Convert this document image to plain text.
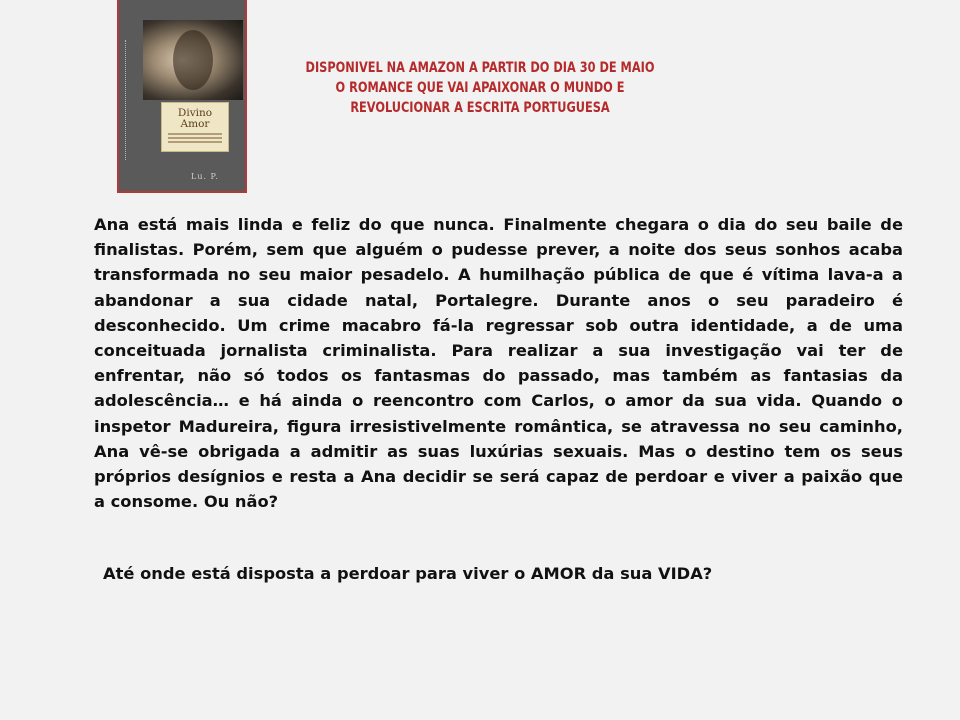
Divino Amor
Lu. P.
DISPONIVEL NA AMAZON A PARTIR DO DIA 30 DE MAIO
O ROMANCE QUE VAI APAIXONAR O MUNDO E
REVOLUCIONAR A ESCRITA PORTUGUESA

Ana está mais linda e feliz do que nunca. Finalmente chegara o dia do seu baile de finalistas. Porém, sem que alguém o pudesse prever, a noite dos seus sonhos acaba transformada no seu maior pesadelo. A humilhação pública de que é vítima lava-a a abandonar a sua cidade natal, Portalegre. Durante anos o seu paradeiro é desconhecido. Um crime macabro fá-la regressar sob outra identidade, a de uma conceituada jornalista criminalista. Para realizar a sua investigação vai ter de enfrentar, não só todos os fantasmas do passado, mas também as fantasias da adolescência… e há ainda o reencontro com Carlos, o amor da sua vida. Quando o inspetor Madureira, figura irresistivelmente romântica, se atravessa no seu caminho, Ana vê-se obrigada a admitir as suas luxúrias sexuais. Mas o destino tem os seus próprios desígnios e resta a Ana decidir se será capaz de perdoar e viver a paixão que a consome. Ou não?

Até onde está disposta a perdoar para viver o AMOR da sua VIDA?
